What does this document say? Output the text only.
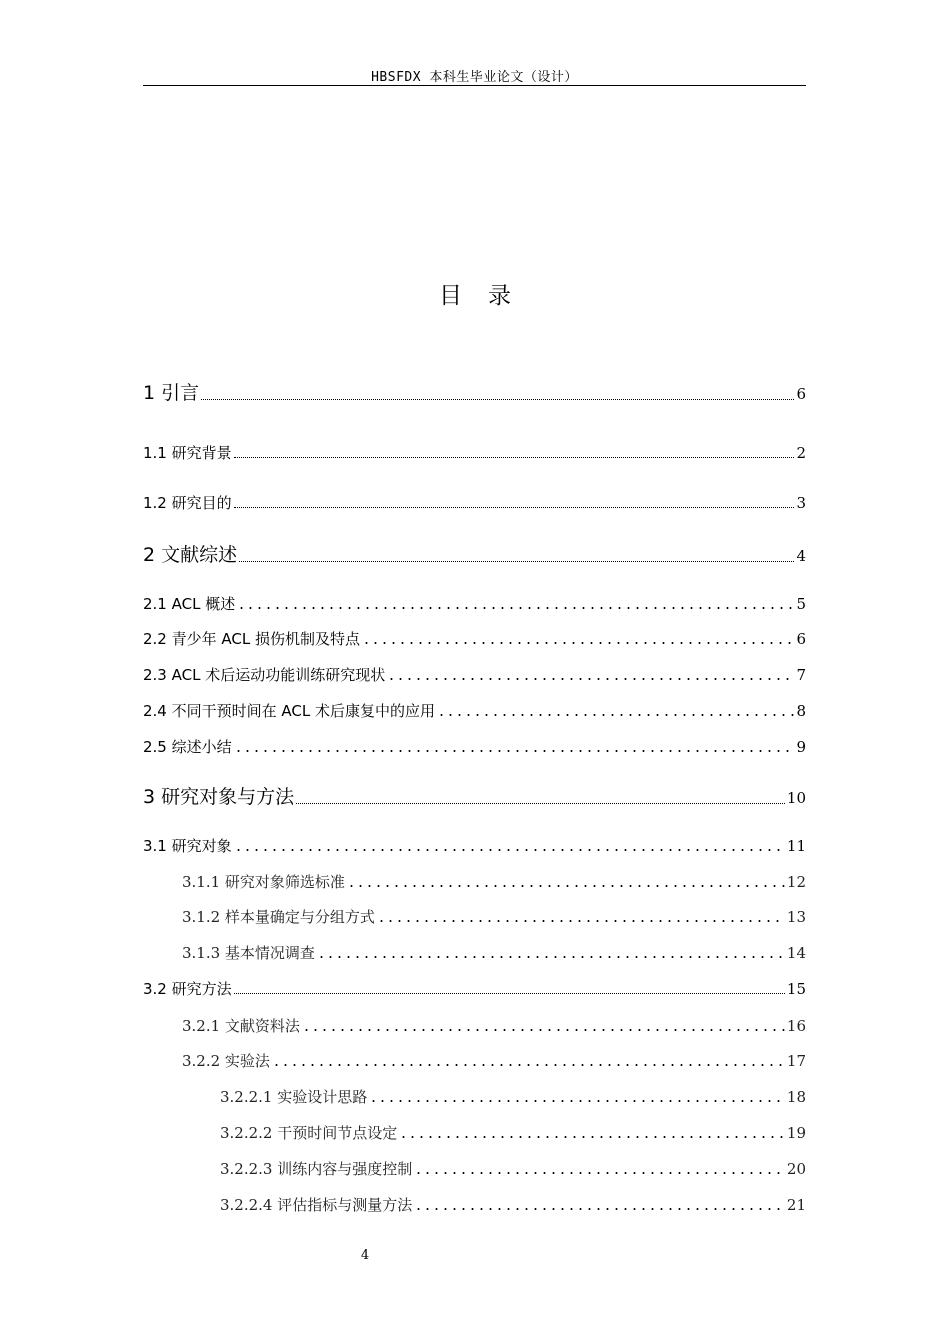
HBSFDX 本科生毕业论文（设计）
目录
1 引言	6
1.1 研究背景	2
1.2 研究目的	3
2 文献综述	4
2.1 ACL 概述	5
2.2 青少年 ACL 损伤机制及特点	6
2.3 ACL 术后运动功能训练研究现状	7
2.4 不同干预时间在 ACL 术后康复中的应用	8
2.5 综述小结	9
3 研究对象与方法	10
3.1 研究对象	11
3.1.1 研究对象筛选标准	12
3.1.2 样本量确定与分组方式	13
3.1.3 基本情况调查	14
3.2 研究方法	15
3.2.1 文献资料法	16
3.2.2 实验法	17
3.2.2.1 实验设计思路	18
3.2.2.2 干预时间节点设定	19
3.2.2.3 训练内容与强度控制	20
3.2.2.4 评估指标与测量方法	21
4
